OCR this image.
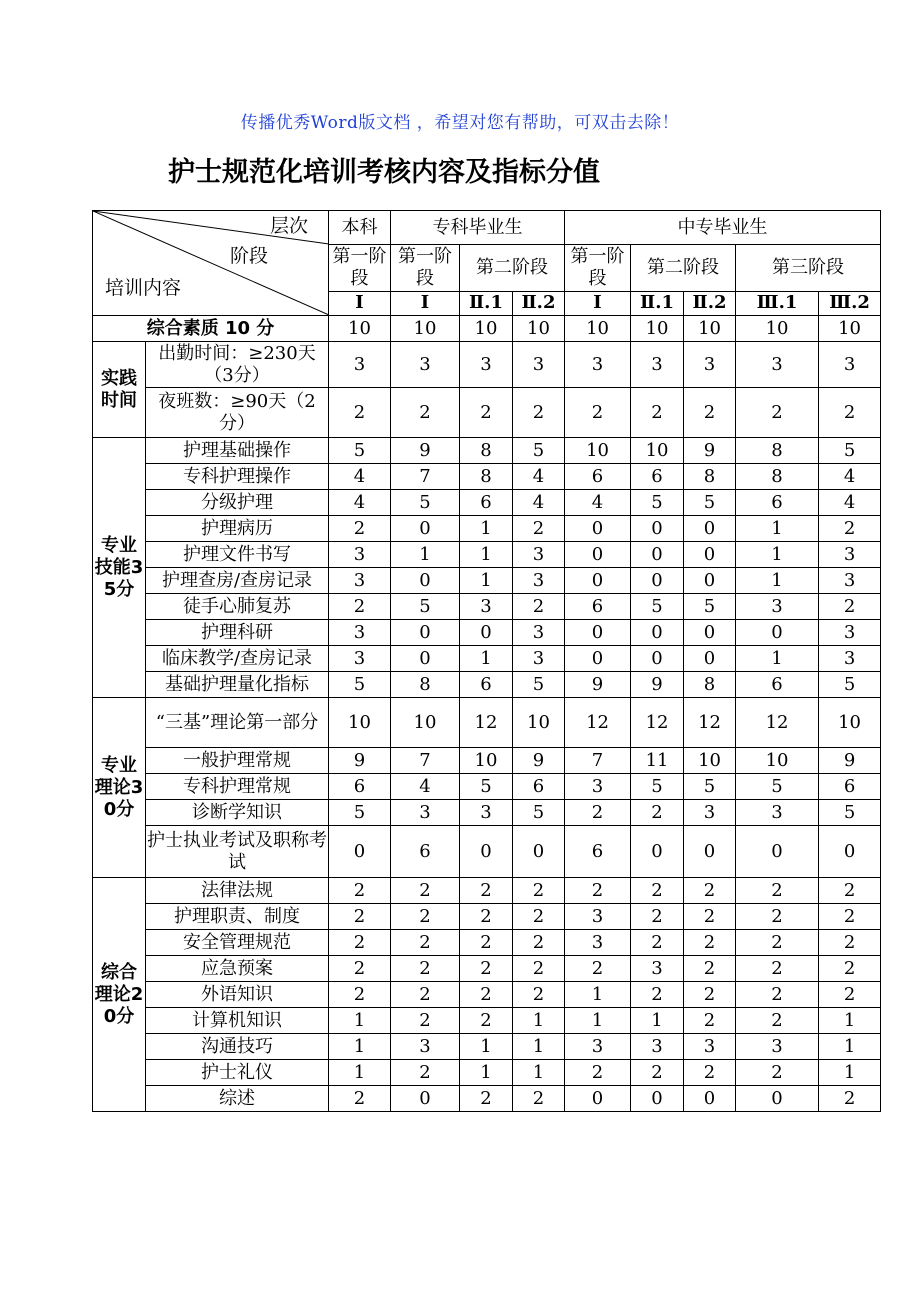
传播优秀Word版文档 ，希望对您有帮助，可双击去除！
护士规范化培训考核内容及指标分值
层次
阶段
培训内容		本科	专科毕业生			中专毕业生				
		第一阶段	第一阶段	第二阶段		第一阶段	第二阶段		第三阶段	
		Ⅰ	Ⅰ	Ⅱ.1	Ⅱ.2	Ⅰ	Ⅱ.1	Ⅱ.2	Ⅲ.1	Ⅲ.2
综合素质 10 分		10	10	10	10	10	10	10	10	10
实践时间	出勤时间：≥230天（3分）	3	3	3	3	3	3	3	3	3
	夜班数：≥90天（2分）	2	2	2	2	2	2	2	2	2
专业技能35分	护理基础操作	5	9	8	5	10	10	9	8	5
	专科护理操作	4	7	8	4	6	6	8	8	4
	分级护理	4	5	6	4	4	5	5	6	4
	护理病历	2	0	1	2	0	0	0	1	2
	护理文件书写	3	1	1	3	0	0	0	1	3
	护理查房/查房记录	3	0	1	3	0	0	0	1	3
	徒手心肺复苏	2	5	3	2	6	5	5	3	2
	护理科研	3	0	0	3	0	0	0	0	3
	临床教学/查房记录	3	0	1	3	0	0	0	1	3
	基础护理量化指标	5	8	6	5	9	9	8	6	5
专业理论30分	“三基”理论第一部分	10	10	12	10	12	12	12	12	10
	一般护理常规	9	7	10	9	7	11	10	10	9
	专科护理常规	6	4	5	6	3	5	5	5	6
	诊断学知识	5	3	3	5	2	2	3	3	5
	护士执业考试及职称考试	0	6	0	0	6	0	0	0	0
综合理论20分	法律法规	2	2	2	2	2	2	2	2	2
	护理职责、制度	2	2	2	2	3	2	2	2	2
	安全管理规范	2	2	2	2	3	2	2	2	2
	应急预案	2	2	2	2	2	3	2	2	2
	外语知识	2	2	2	2	1	2	2	2	2
	计算机知识	1	2	2	1	1	1	2	2	1
	沟通技巧	1	3	1	1	3	3	3	3	1
	护士礼仪	1	2	1	1	2	2	2	2	1
	综述	2	0	2	2	0	0	0	0	2
